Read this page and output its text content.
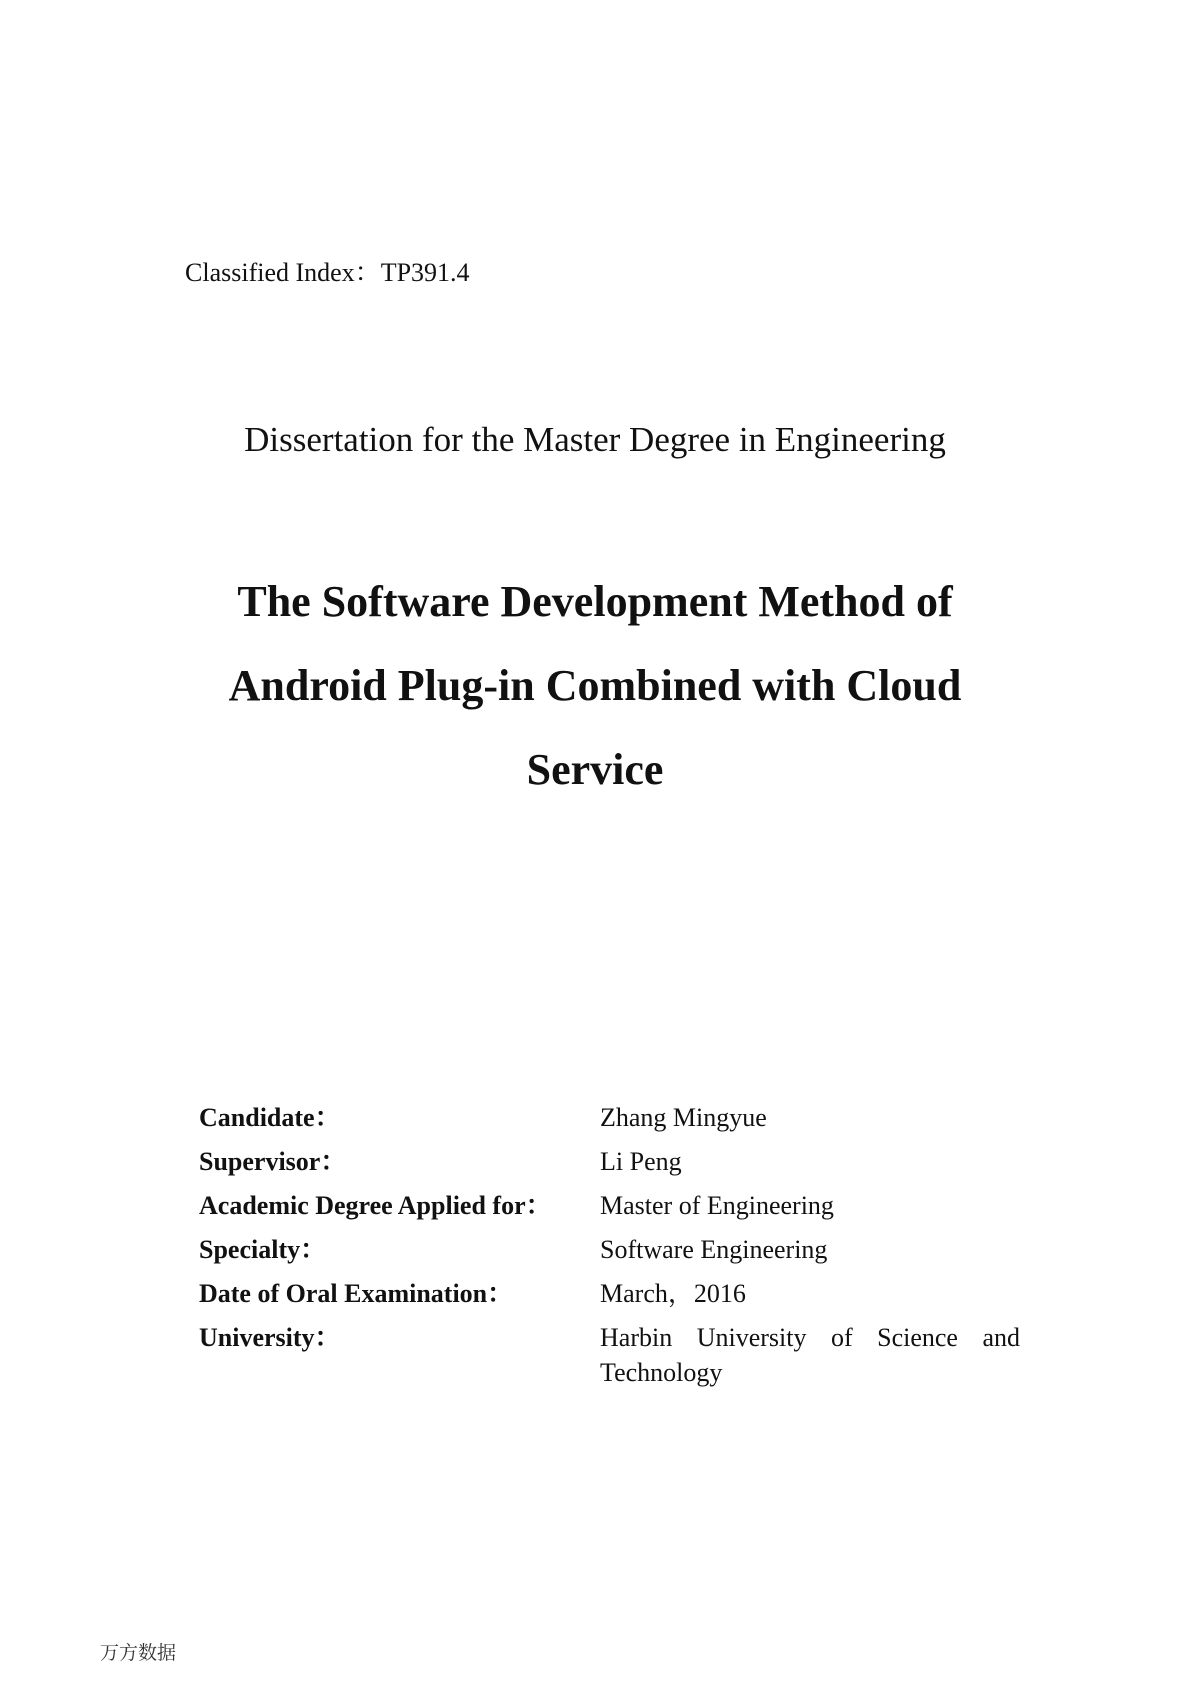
Classified Index：TP391.4
Dissertation for the Master Degree in Engineering
The Software Development Method of
Android Plug-in Combined with Cloud
Service
Candidate：	Zhang Mingyue
Supervisor：	Li Peng
Academic Degree Applied for：	Master of Engineering
Specialty：	Software Engineering
Date of Oral Examination：	March，2016
University：	Harbin University of Science and Technology
万方数据
